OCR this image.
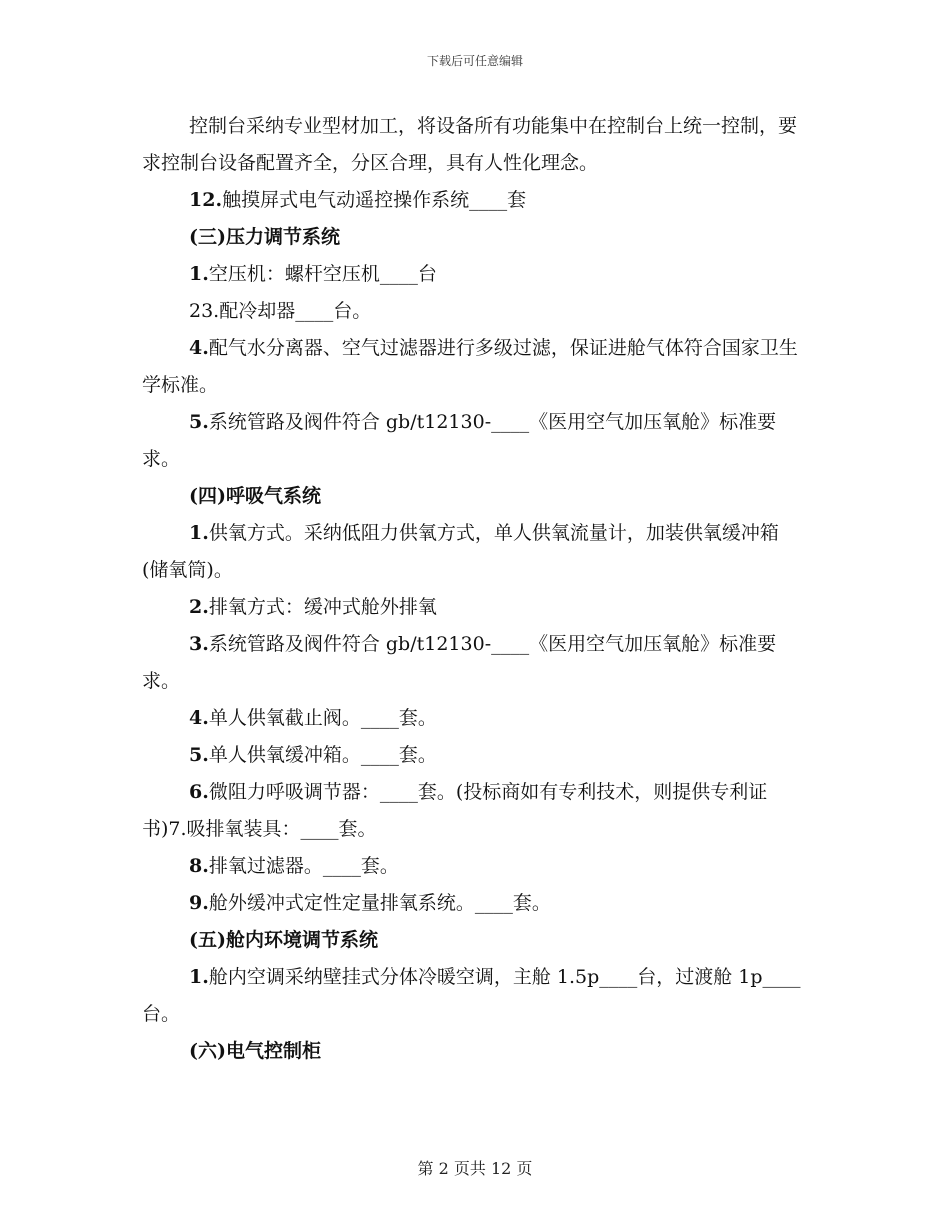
下载后可任意编辑

控制台采纳专业型材加工，将设备所有功能集中在控制台上统一控制，要求控制台设备配置齐全，分区合理，具有人性化理念。

12.触摸屏式电气动遥控操作系统____套

(三)压力调节系统

1.空压机：螺杆空压机____台

23.配冷却器____台。

4.配气水分离器、空气过滤器进行多级过滤，保证进舱气体符合国家卫生学标准。

5.系统管路及阀件符合 gb/t12130-____《医用空气加压氧舱》标准要求。

(四)呼吸气系统

1.供氧方式。采纳低阻力供氧方式，单人供氧流量计，加装供氧缓冲箱(储氧筒)。

2.排氧方式：缓冲式舱外排氧

3.系统管路及阀件符合 gb/t12130-____《医用空气加压氧舱》标准要求。

4.单人供氧截止阀。____套。

5.单人供氧缓冲箱。____套。

6.微阻力呼吸调节器：____套。(投标商如有专利技术，则提供专利证书)7.吸排氧装具：____套。

8.排氧过滤器。____套。

9.舱外缓冲式定性定量排氧系统。____套。

(五)舱内环境调节系统

1.舱内空调采纳壁挂式分体冷暖空调，主舱 1.5p____台，过渡舱 1p____台。

(六)电气控制柜

第 2 页共 12 页
